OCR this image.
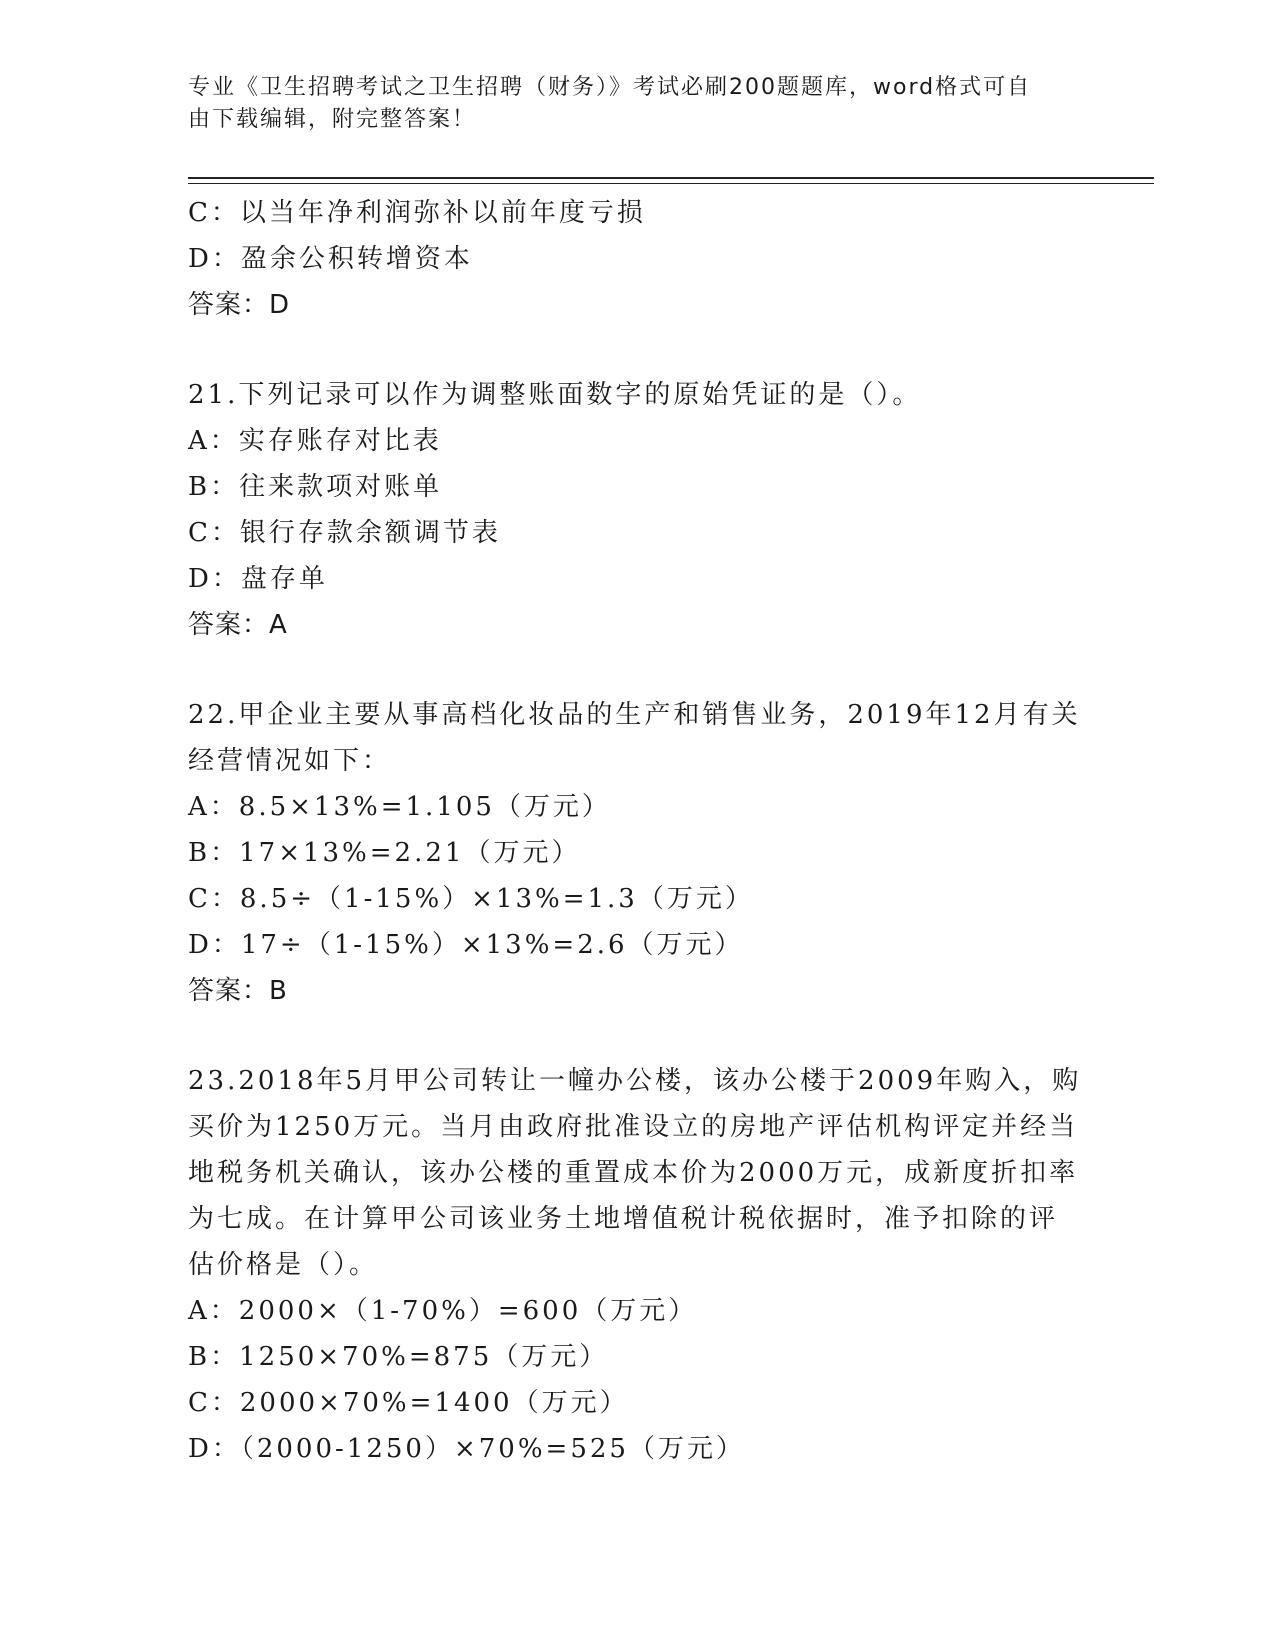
专业《卫生招聘考试之卫生招聘（财务）》考试必刷200题题库，word格式可自
由下载编辑，附完整答案！
C：以当年净利润弥补以前年度亏损
D：盈余公积转增资本
答案：D
21.下列记录可以作为调整账面数字的原始凭证的是（）。
A：实存账存对比表
B：往来款项对账单
C：银行存款余额调节表
D：盘存单
答案：A
22.甲企业主要从事高档化妆品的生产和销售业务，2019年12月有关
经营情况如下：
A：8.5×13%=1.105（万元）
B：17×13%=2.21（万元）
C：8.5÷（1-15%）×13%=1.3（万元）
D：17÷（1-15%）×13%=2.6（万元）
答案：B
23.2018年5月甲公司转让一幢办公楼，该办公楼于2009年购入，购
买价为1250万元。当月由政府批准设立的房地产评估机构评定并经当
地税务机关确认，该办公楼的重置成本价为2000万元，成新度折扣率
为七成。在计算甲公司该业务土地增值税计税依据时，准予扣除的评
估价格是（）。
A：2000×（1-70%）=600（万元）
B：1250×70%=875（万元）
C：2000×70%=1400（万元）
D：（2000-1250）×70%=525（万元）
